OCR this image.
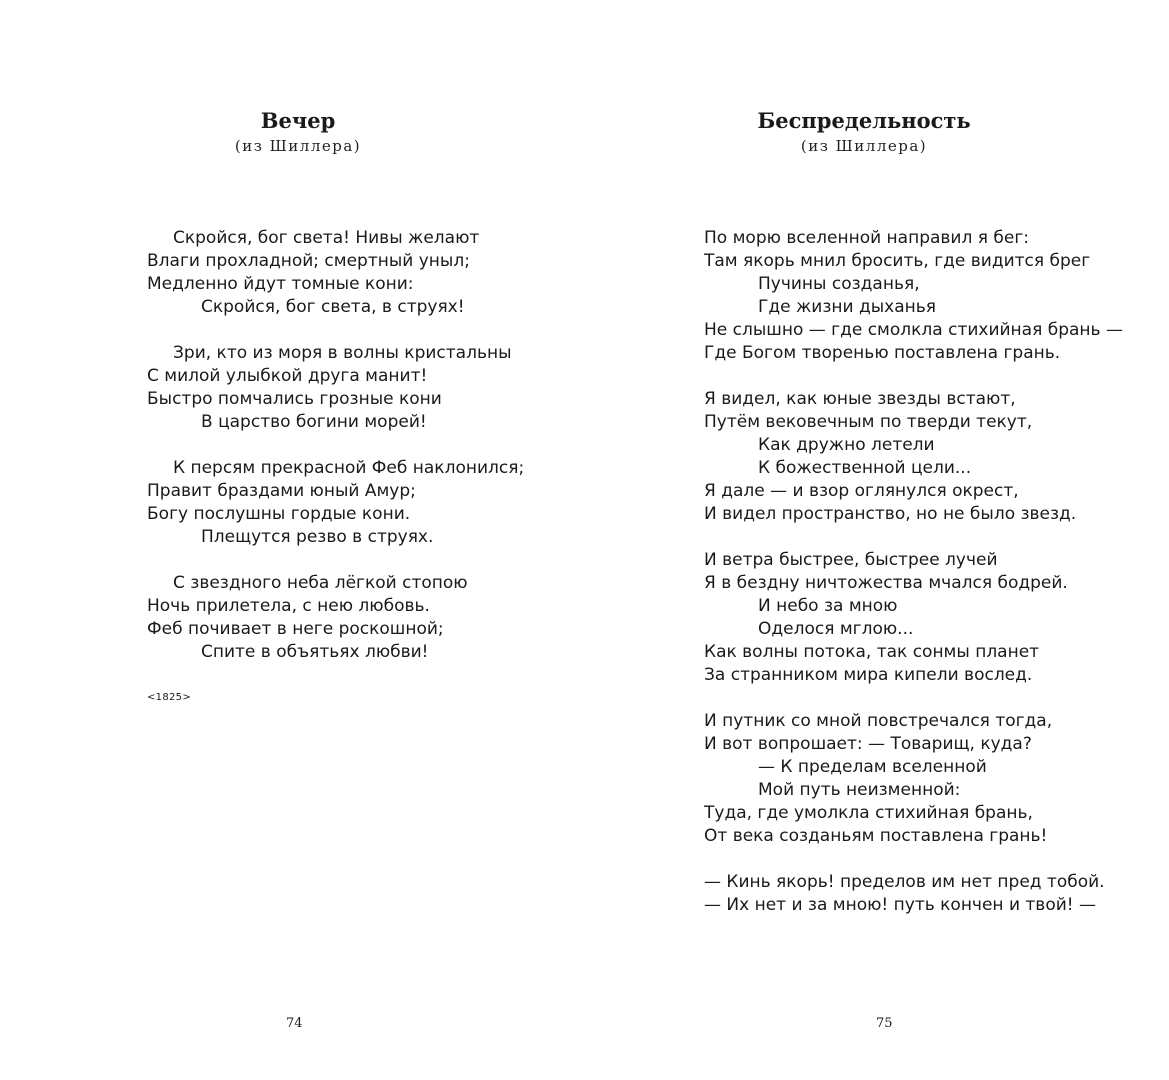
Вечер

(из Шиллера)

Скройся, бог света! Нивы желают
Влаги прохладной; смертный уныл;
Медленно йдут томные кони:
Скройся, бог света, в струях!
Зри, кто из моря в волны кристальны
С милой улыбкой друга манит!
Быстро помчались грозные кони
В царство богини морей!
К персям прекрасной Феб наклонился;
Правит браздами юный Амур;
Богу послушны гордые кони.
Плещутся резво в струях.
С звездного неба лёгкой стопою
Ночь прилетела, с нею любовь.
Феб почивает в неге роскошной;
Спите в объятьях любви!

<1825>

74

Беспредельность

(из Шиллера)

По морю вселенной направил я бег:
Там якорь мнил бросить, где видится брег
Пучины созданья,
Где жизни дыханья
Не слышно — где смолкла стихийная брань —
Где Богом творенью поставлена грань.
Я видел, как юные звезды встают,
Путём вековечным по тверди текут,
Как дружно летели
К божественной цели...
Я дале — и взор оглянулся окрест,
И видел пространство, но не было звезд.
И ветра быстрее, быстрее лучей
Я в бездну ничтожества мчался бодрей.
И небо за мною
Оделося мглою...
Как волны потока, так сонмы планет
За странником мира кипели вослед.
И путник со мной повстречался тогда,
И вот вопрошает: — Товарищ, куда?
— К пределам вселенной
Мой путь неизменной:
Туда, где умолкла стихийная брань,
От века созданьям поставлена грань!
— Кинь якорь! пределов им нет пред тобой.
— Их нет и за мною! путь кончен и твой! —

75
